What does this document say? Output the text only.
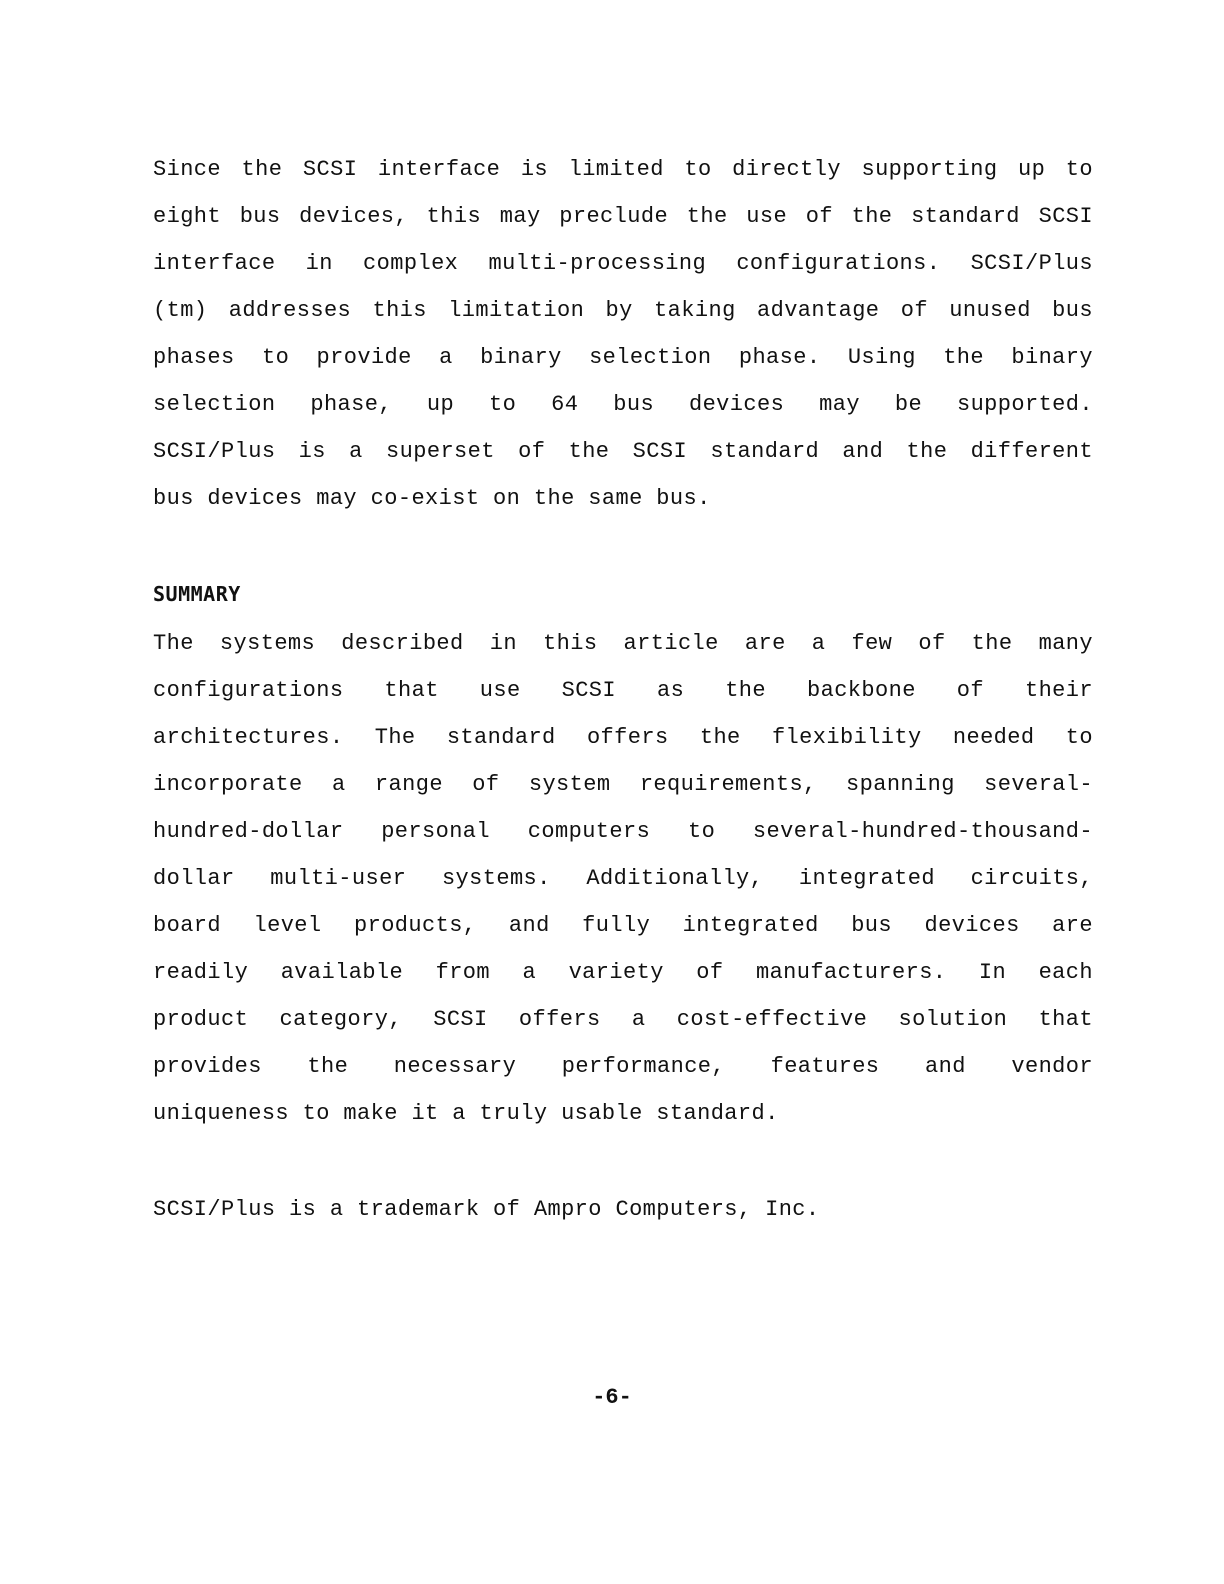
Since the SCSI interface is limited to directly supporting up to
eight bus devices, this may preclude the use of the standard SCSI
interface in complex multi-processing configurations. SCSI/Plus
(tm) addresses this limitation by taking advantage of unused bus
phases to provide a binary selection phase. Using the binary
selection phase, up to 64 bus devices may be supported.
SCSI/Plus is a superset of the SCSI standard and the different
bus devices may co-exist on the same bus.
SUMMARY
The systems described in this article are a few of the many
configurations that use SCSI as the backbone of their
architectures. The standard offers the flexibility needed to
incorporate a range of system requirements, spanning several-
hundred-dollar personal computers to several-hundred-thousand-
dollar multi-user systems. Additionally, integrated circuits,
board level products, and fully integrated bus devices are
readily available from a variety of manufacturers. In each
product category, SCSI offers a cost-effective solution that
provides the necessary performance, features and vendor
uniqueness to make it a truly usable standard.
SCSI/Plus is a trademark of Ampro Computers, Inc.
-6-
